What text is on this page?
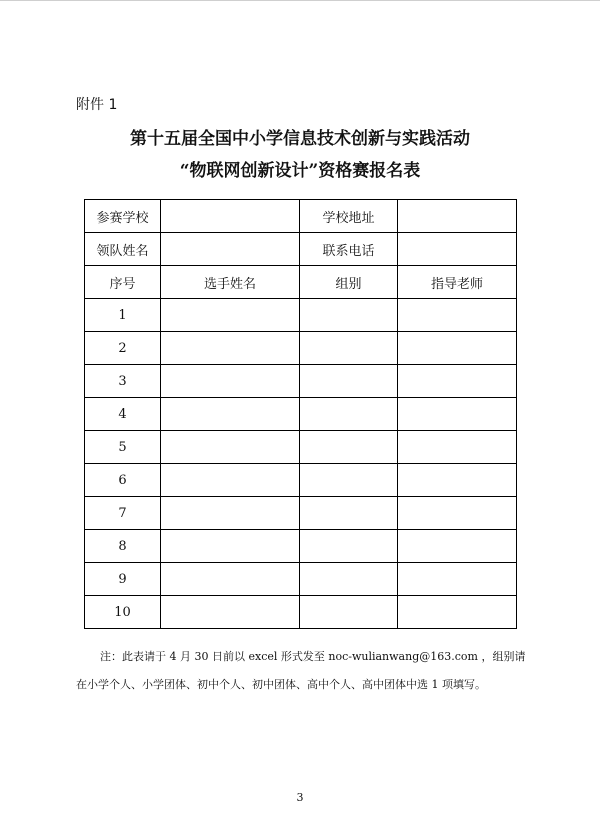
附件 1
第十五届全国中小学信息技术创新与实践活动
“物联网创新设计”资格赛报名表
参赛学校		学校地址	
领队姓名		联系电话	
序号	选手姓名	组别	指导老师
1			
2			
3			
4			
5			
6			
7			
8			
9			
10			
注：此表请于 4 月 30 日前以 excel 形式发至 noc-wulianwang@163.com ，组别请
在小学个人、小学团体、初中个人、初中团体、高中个人、高中团体中选 1 项填写。
3
